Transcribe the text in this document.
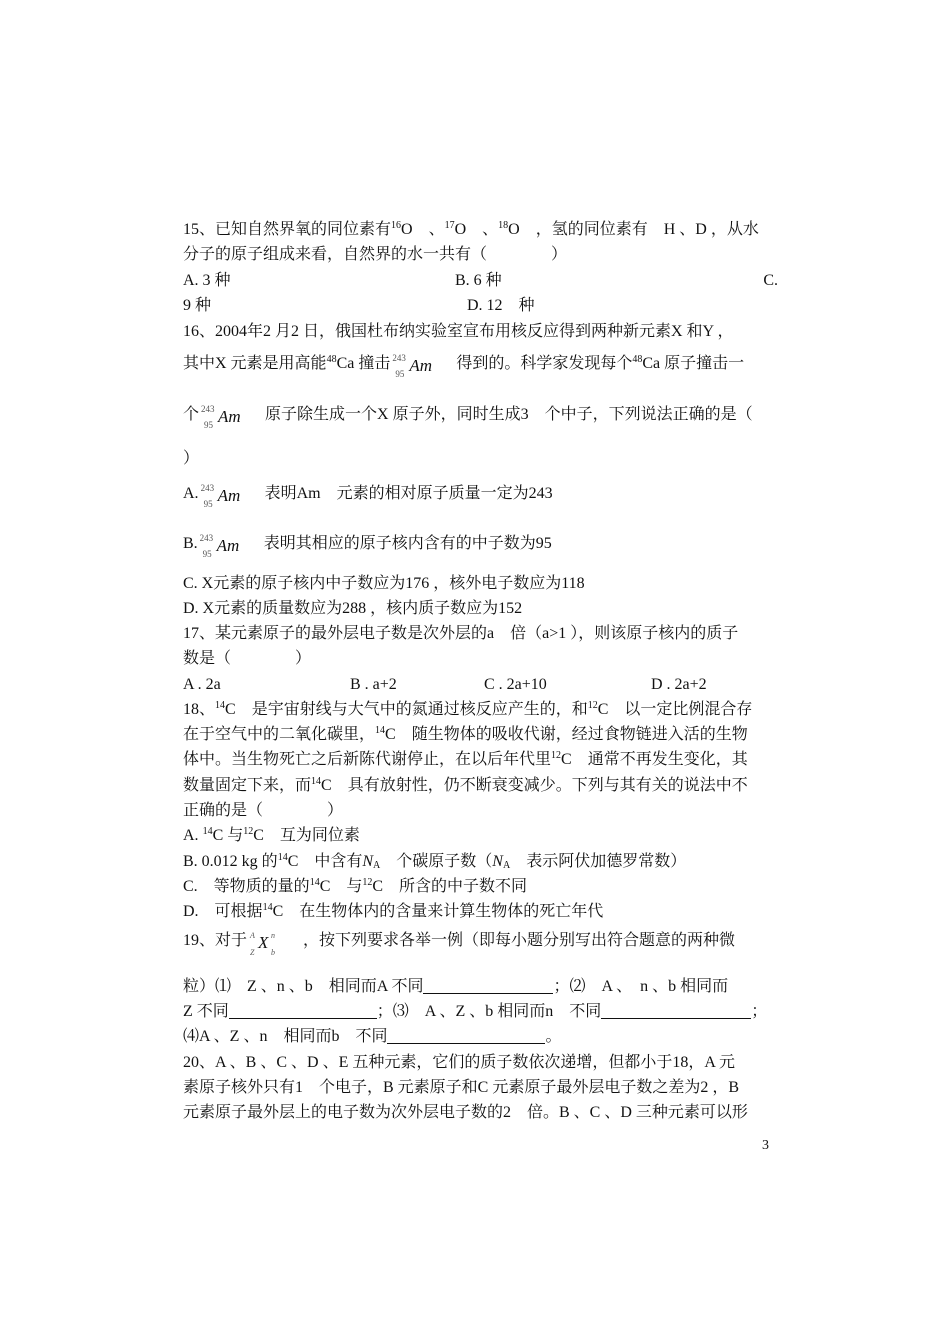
15、已知自然界氧的同位素有$^{16}$O　、$^{17}$O　、$^{18}$O　，氢的同位素有　H 、D ，从水
分子的原子组成来看，自然界的水一共有（　　　　）
A. 3 种	B. 6 种	C.
9 种	D. 12　种
16、2004年2 月2 日，俄国杜布纳实验室宣布用核反应得到两种新元素X 和Y ，
其中X 元素是用高能$^{48}$Ca 撞击 243
95 Am
　 得到的。科学家发现每个$^{48}$Ca 原子撞击一
个 243
95 Am
　 原子除生成一个X 原子外，同时生成3　个中子，下列说法正确的是（
）
A. 243
95 Am
　 表明Am　元素的相对原子质量一定为243
B. 243
95 Am
　 表明其相应的原子核内含有的中子数为95
C. X元素的原子核内中子数应为176 ，核外电子数应为118
D. X元素的质量数应为288 ，核内质子数应为152
17、某元素原子的最外层电子数是次外层的a　倍（a>1 ），则该原子核内的质子
数是（　　　　）
A . 2a	B . a+2	C . 2a+10	D . 2a+2
18、$^{14}$C　是宇宙射线与大气中的氮通过核反应产生的，和$^{12}$C　以一定比例混合存
在于空气中的二氧化碳里，$^{14}$C　随生物体的吸收代谢，经过食物链进入活的生物
体中。当生物死亡之后新陈代谢停止，在以后年代里$^{12}$C　通常不再发生变化，其
数量固定下来，而$^{14}$C　具有放射性，仍不断衰变减少。下列与其有关的说法中不
正确的是（　　　　）
A. $^{14}$C 与$^{12}$C　互为同位素
B. 0.012 kg 的$^{14}$C　中含有$N_A$　个碳原子数（$N_A$　表示阿伏加德罗常数）
C.　等物质的量的$^{14}$C　与$^{12}$C　所含的中子数不同
D.　可根据$^{14}$C　在生物体内的含量来计算生物体的死亡年代
19、对于 A
Z
X n
b
　，按下列要求各举一例（即每小题分别写出符合题意的两种微
粒）⑴　Z 、n 、b　相同而A 不同	；⑵　A 、　n 、b 相同而
Z 不同	；⑶　A 、Z 、b 相同而n　不同	；
⑷A 、Z 、n　相同而b　不同	。
20、A 、B 、C 、D 、E 五种元素，它们的质子数依次递增，但都小于18，A 元
素原子核外只有1　个电子，B 元素原子和C 元素原子最外层电子数之差为2 ，B
元素原子最外层上的电子数为次外层电子数的2　倍。B 、C 、D 三种元素可以形
3
